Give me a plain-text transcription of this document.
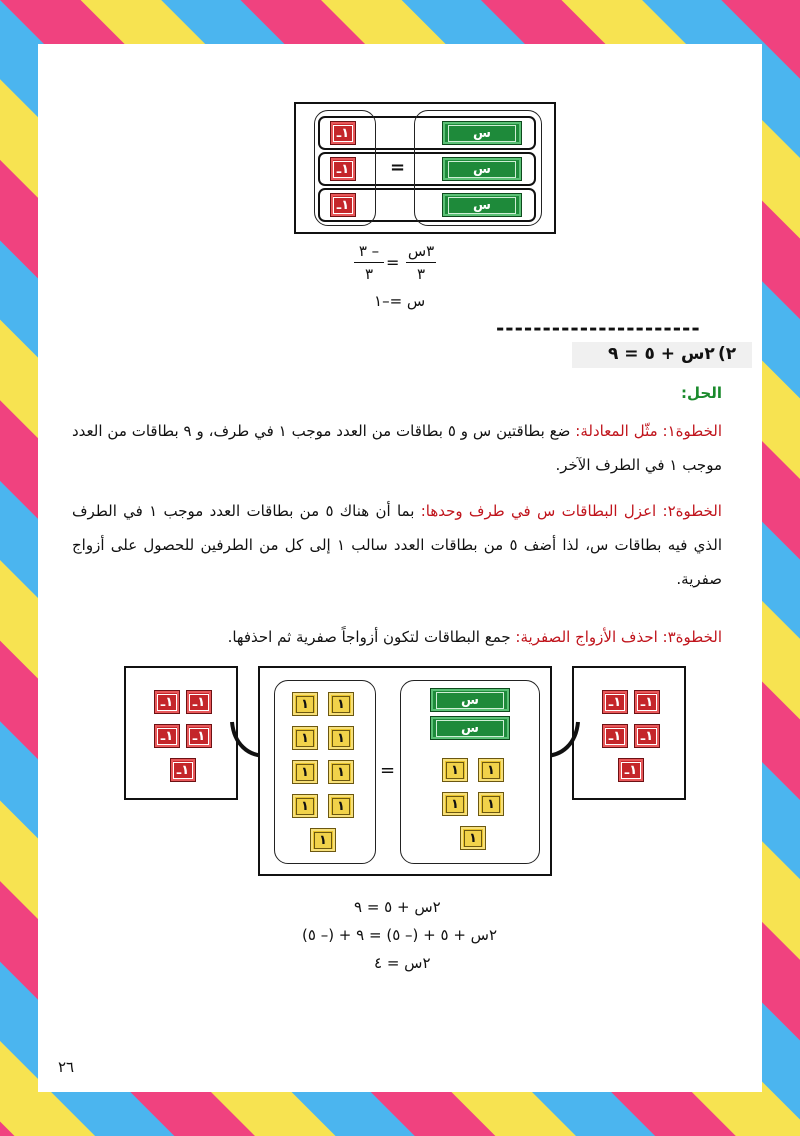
١ـ
١ـ
١ـ
=
س
س
س
٣س
٣
=
٣ –
٣
س =–١
----------------------
٢)
٢س + ٥ = ٩
الحل:
الخطوة١: مثّل المعادلة: ضع بطاقتين س و ٥ بطاقات من العدد موجب ١ في طرف، و ٩ بطاقات من العدد موجب ١ في الطرف الآخر.
الخطوة٢: اعزل البطاقات س في طرف وحدها: بما أن هناك ٥ من بطاقات العدد موجب ١ في الطرف الذي فيه بطاقات س، لذا أضف ٥ من بطاقات العدد سالب ١ إلى كل من الطرفين للحصول على أزواج صفرية.
الخطوة٣: احذف الأزواج الصفرية: جمع البطاقات لتكون أزواجاً صفرية ثم احذفها.
١ـ	١ـ
١ـ	١ـ
١ـ
١ـ	١ـ
١ـ	١ـ
١ـ
١	١
١	١
١	١
١	١
١
=
س
س
١	١
١	١
١
٢س + ٥ = ٩
٢س + ٥ + (– ٥) = ٩ + (– ٥)
٢س = ٤
٢٦
